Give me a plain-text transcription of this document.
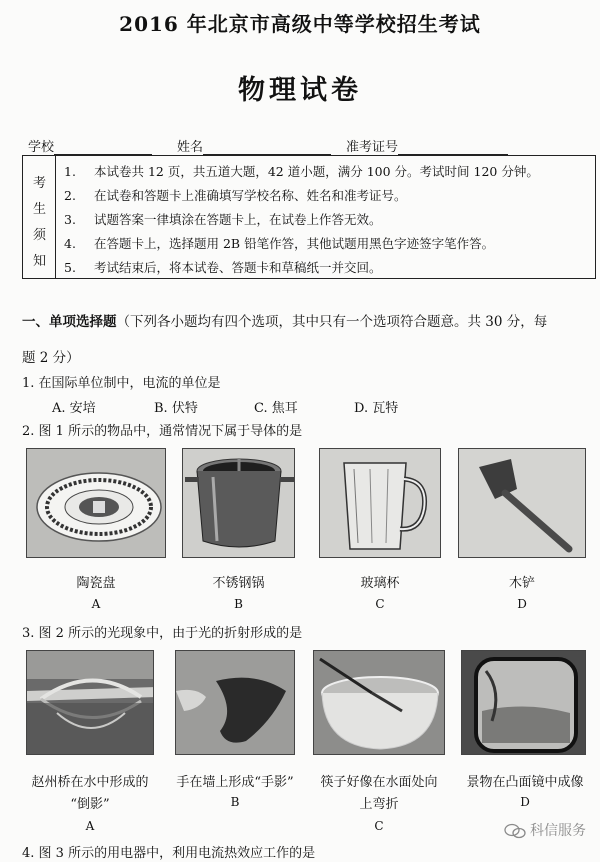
2016 年北京市高级中等学校招生考试
物理试卷
学校	姓名	准考证号
考
生
须
知
1. 本试卷共 12 页，共五道大题，42 道小题，满分 100 分。考试时间 120 分钟。
2. 在试卷和答题卡上准确填写学校名称、姓名和准考证号。
3. 试题答案一律填涂在答题卡上，在试卷上作答无效。
4. 在答题卡上，选择题用 2B 铅笔作答，其他试题用黑色字迹签字笔作答。
5. 考试结束后，将本试卷、答题卡和草稿纸一并交回。
一、单项选择题（下列各小题均有四个选项，其中只有一个选项符合题意。共 30 分，每
题 2 分）
1. 在国际单位制中，电流的单位是
A. 安培	B. 伏特	C. 焦耳	D. 瓦特
2. 图 1 所示的物品中，通常情况下属于导体的是
陶瓷盘	不锈钢锅	玻璃杯	木铲
A	B	C	D
3. 图 2 所示的光现象中，由于光的折射形成的是
赵州桥在水中形成的
“倒影”
A
手在墙上形成“手影”
B
筷子好像在水面处向
上弯折
C
景物在凸面镜中成像
D
4. 图 3 所示的用电器中，利用电流热效应工作的是
科信服务
